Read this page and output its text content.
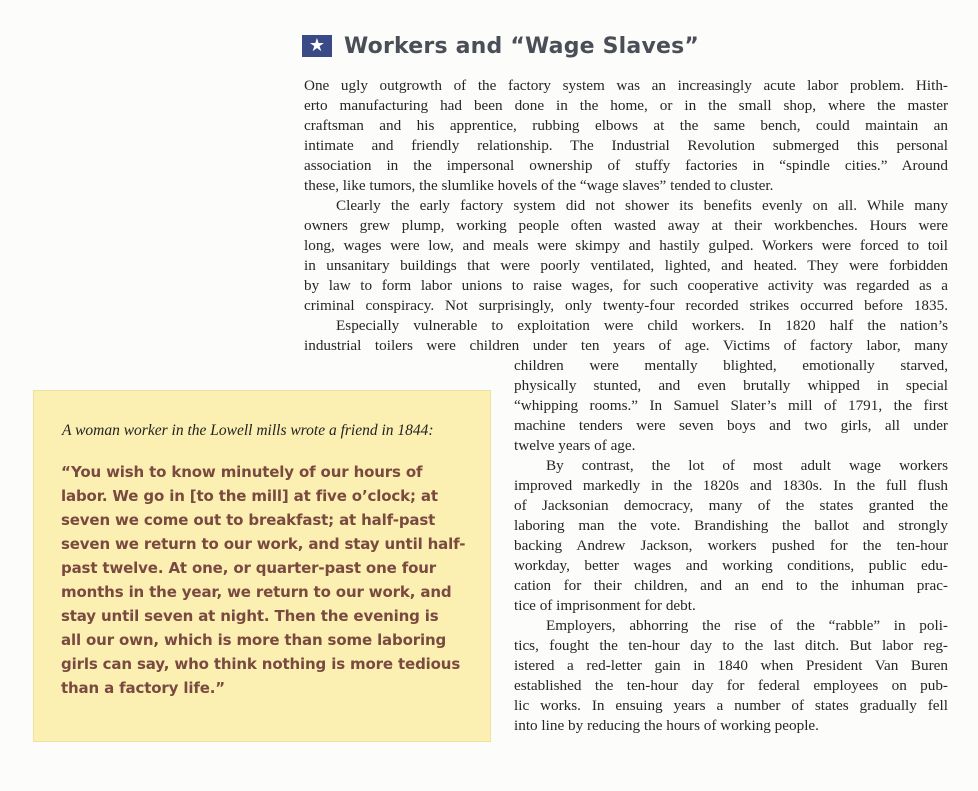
★ Workers and “Wage Slaves”
One ugly outgrowth of the factory system was an increasingly acute labor problem. Hith-
erto manufacturing had been done in the home, or in the small shop, where the master
craftsman and his apprentice, rubbing elbows at the same bench, could maintain an
intimate and friendly relationship. The Industrial Revolution submerged this personal
association in the impersonal ownership of stuffy factories in “spindle cities.” Around
these, like tumors, the slumlike hovels of the “wage slaves” tended to cluster.
Clearly the early factory system did not shower its benefits evenly on all. While many
owners grew plump, working people often wasted away at their workbenches. Hours were
long, wages were low, and meals were skimpy and hastily gulped. Workers were forced to toil
in unsanitary buildings that were poorly ventilated, lighted, and heated. They were forbidden
by law to form labor unions to raise wages, for such cooperative activity was regarded as a
criminal conspiracy. Not surprisingly, only twenty-four recorded strikes occurred before 1835.
Especially vulnerable to exploitation were child workers. In 1820 half the nation’s
industrial toilers were children under ten years of age. Victims of factory labor, many
children were mentally blighted, emotionally starved,
physically stunted, and even brutally whipped in special
“whipping rooms.” In Samuel Slater’s mill of 1791, the first
machine tenders were seven boys and two girls, all under
twelve years of age.
By contrast, the lot of most adult wage workers
improved markedly in the 1820s and 1830s. In the full flush
of Jacksonian democracy, many of the states granted the
laboring man the vote. Brandishing the ballot and strongly
backing Andrew Jackson, workers pushed for the ten-hour
workday, better wages and working conditions, public edu-
cation for their children, and an end to the inhuman prac-
tice of imprisonment for debt.
Employers, abhorring the rise of the “rabble” in poli-
tics, fought the ten-hour day to the last ditch. But labor reg-
istered a red-letter gain in 1840 when President Van Buren
established the ten-hour day for federal employees on pub-
lic works. In ensuing years a number of states gradually fell
into line by reducing the hours of working people.
A woman worker in the Lowell mills wrote a friend in 1844:
“You wish to know minutely of our hours of
labor. We go in [to the mill] at five o’clock; at
seven we come out to breakfast; at half-past
seven we return to our work, and stay until half-
past twelve. At one, or quarter-past one four
months in the year, we return to our work, and
stay until seven at night. Then the evening is
all our own, which is more than some laboring
girls can say, who think nothing is more tedious
than a factory life.”
